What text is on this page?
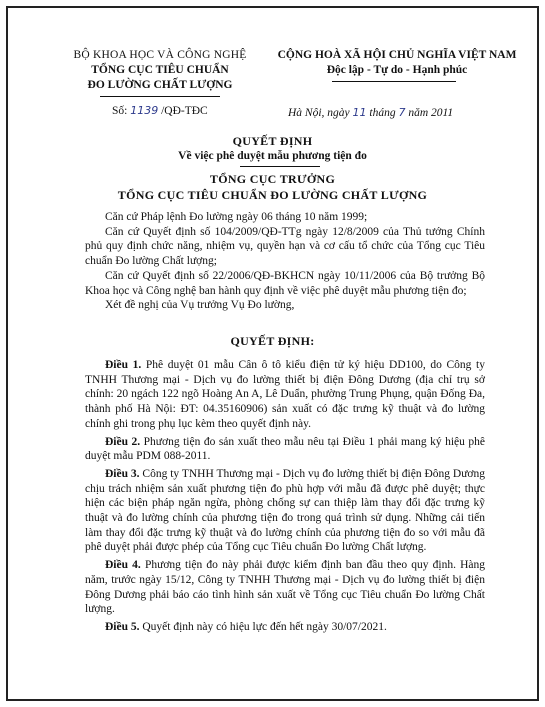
BỘ KHOA HỌC VÀ CÔNG NGHỆ
TỔNG CỤC TIÊU CHUẨN
ĐO LƯỜNG CHẤT LƯỢNG
CỘNG HOÀ XÃ HỘI CHỦ NGHĨA VIỆT NAM
Độc lập - Tự do - Hạnh phúc
Số: 1139 /QĐ-TĐC	Hà Nội, ngày 11 tháng 7 năm 2011
QUYẾT ĐỊNH
Về việc phê duyệt mẫu phương tiện đo
TỔNG CỤC TRƯỞNG
TỔNG CỤC TIÊU CHUẨN ĐO LƯỜNG CHẤT LƯỢNG

Căn cứ Pháp lệnh Đo lường ngày 06 tháng 10 năm 1999;

Căn cứ Quyết định số 104/2009/QĐ-TTg ngày 12/8/2009 của Thủ tướng Chính phủ quy định chức năng, nhiệm vụ, quyền hạn và cơ cấu tổ chức của Tổng cục Tiêu chuẩn Đo lường Chất lượng;

Căn cứ Quyết định số 22/2006/QĐ-BKHCN ngày 10/11/2006 của Bộ trưởng Bộ Khoa học và Công nghệ ban hành quy định về việc phê duyệt mẫu phương tiện đo;

Xét đề nghị của Vụ trưởng Vụ Đo lường,

QUYẾT ĐỊNH:

Điều 1. Phê duyệt 01 mẫu Cân ô tô kiểu điện tử ký hiệu DD100, do Công ty TNHH Thương mại - Dịch vụ đo lường thiết bị điện Đông Dương (địa chỉ trụ sở chính: 20 ngách 122 ngõ Hoàng An A, Lê Duẩn, phường Trung Phụng, quận Đống Đa, thành phố Hà Nội: ĐT: 04.35160906) sản xuất có đặc trưng kỹ thuật và đo lường chính ghi trong phụ lục kèm theo quyết định này.

Điều 2. Phương tiện đo sản xuất theo mẫu nêu tại Điều 1 phải mang ký hiệu phê duyệt mẫu PDM 088-2011.

Điều 3. Công ty TNHH Thương mại - Dịch vụ đo lường thiết bị điện Đông Dương chịu trách nhiệm sản xuất phương tiện đo phù hợp với mẫu đã được phê duyệt; thực hiện các biện pháp ngăn ngừa, phòng chống sự can thiệp làm thay đổi đặc trưng kỹ thuật và đo lường chính của phương tiện đo trong quá trình sử dụng. Những cải tiến làm thay đổi đặc trưng kỹ thuật và đo lường chính của phương tiện đo so với mẫu đã phê duyệt phải được phép của Tổng cục Tiêu chuẩn Đo lường Chất lượng.

Điều 4. Phương tiện đo này phải được kiểm định ban đầu theo quy định. Hàng năm, trước ngày 15/12, Công ty TNHH Thương mại - Dịch vụ đo lường thiết bị điện Đông Dương phải báo cáo tình hình sản xuất về Tổng cục Tiêu chuẩn Đo lường Chất lượng.

Điều 5. Quyết định này có hiệu lực đến hết ngày 30/07/2021.
